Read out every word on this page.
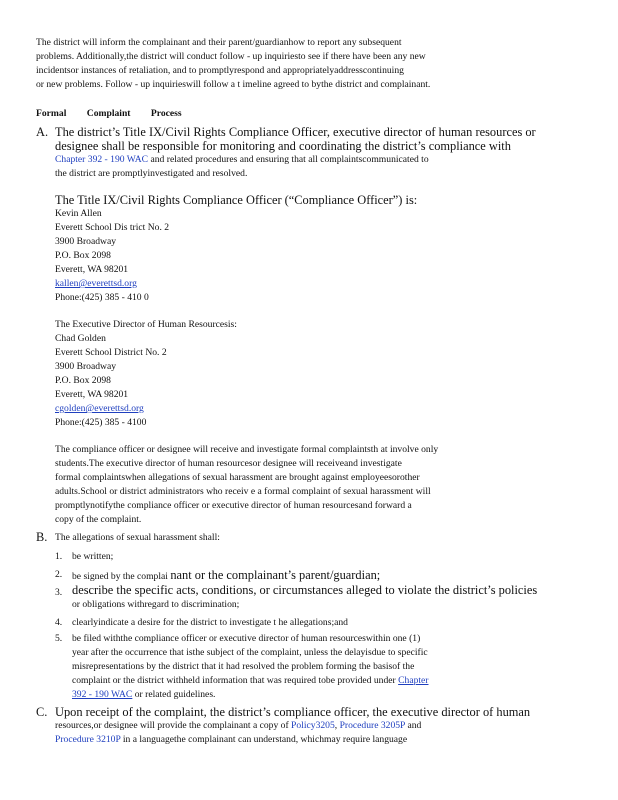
The district will inform the complainant and their parent/guardianhow to report any subsequent
problems. Additionally,the district will conduct follow - up inquiriesto see if there have been any new
incidentsor instances of retaliation, and to promptlyrespond and appropriatelyaddresscontinuing
or new problems. Follow - up inquirieswill follow a t imeline agreed to bythe district and complainant.
Formal Complaint Process
A. The district’s Title IX/Civil Rights Compliance Officer, executive director of human resources or
designee shall be responsible for monitoring and coordinating the district’s compliance with
Chapter 392 - 190 WAC and related procedures and ensuring that all complaintscommunicated to
the district are promptlyinvestigated and resolved.
The Title IX/Civil Rights Compliance Officer (“Compliance Officer”) is:
Kevin Allen
Everett School Dis trict No. 2
3900 Broadway
P.O. Box 2098
Everett, WA 98201
kallen@everettsd.org
Phone:(425) 385 - 410 0
The Executive Director of Human Resourcesis:
Chad Golden
Everett School District No. 2
3900 Broadway
P.O. Box 2098
Everett, WA 98201
cgolden@everettsd.org
Phone:(425) 385 - 4100
The compliance officer or designee will receive and investigate formal complaintsth at involve only
students.The executive director of human resourcesor designee will receiveand investigate
formal complaintswhen allegations of sexual harassment are brought against employeesorother
adults.School or district administrators who receiv e a formal complaint of sexual harassment will
promptlynotifythe compliance officer or executive director of human resourcesand forward a
copy of the complaint.
B. The allegations of sexual harassment shall:
1. be written;
2. be signed by the complai nant or the complainant’s parent/guardian;
3. describe the specific acts, conditions, or circumstances alleged to violate the district’s policies
or obligations withregard to discrimination;
4. clearlyindicate a desire for the district to investigate t he allegations;and
5. be filed withthe compliance officer or executive director of human resourceswithin one (1)
year after the occurrence that isthe subject of the complaint, unless the delayisdue to specific
misrepresentations by the district that it had resolved the problem forming the basisof the
complaint or the district withheld information that was required tobe provided under Chapter
392 - 190 WAC or related guidelines.
C. Upon receipt of the complaint, the district’s compliance officer, the executive director of human
resources,or designee will provide the complainant a copy of Policy3205, Procedure 3205P and
Procedure 3210P in a languagethe complainant can understand, whichmay require language
